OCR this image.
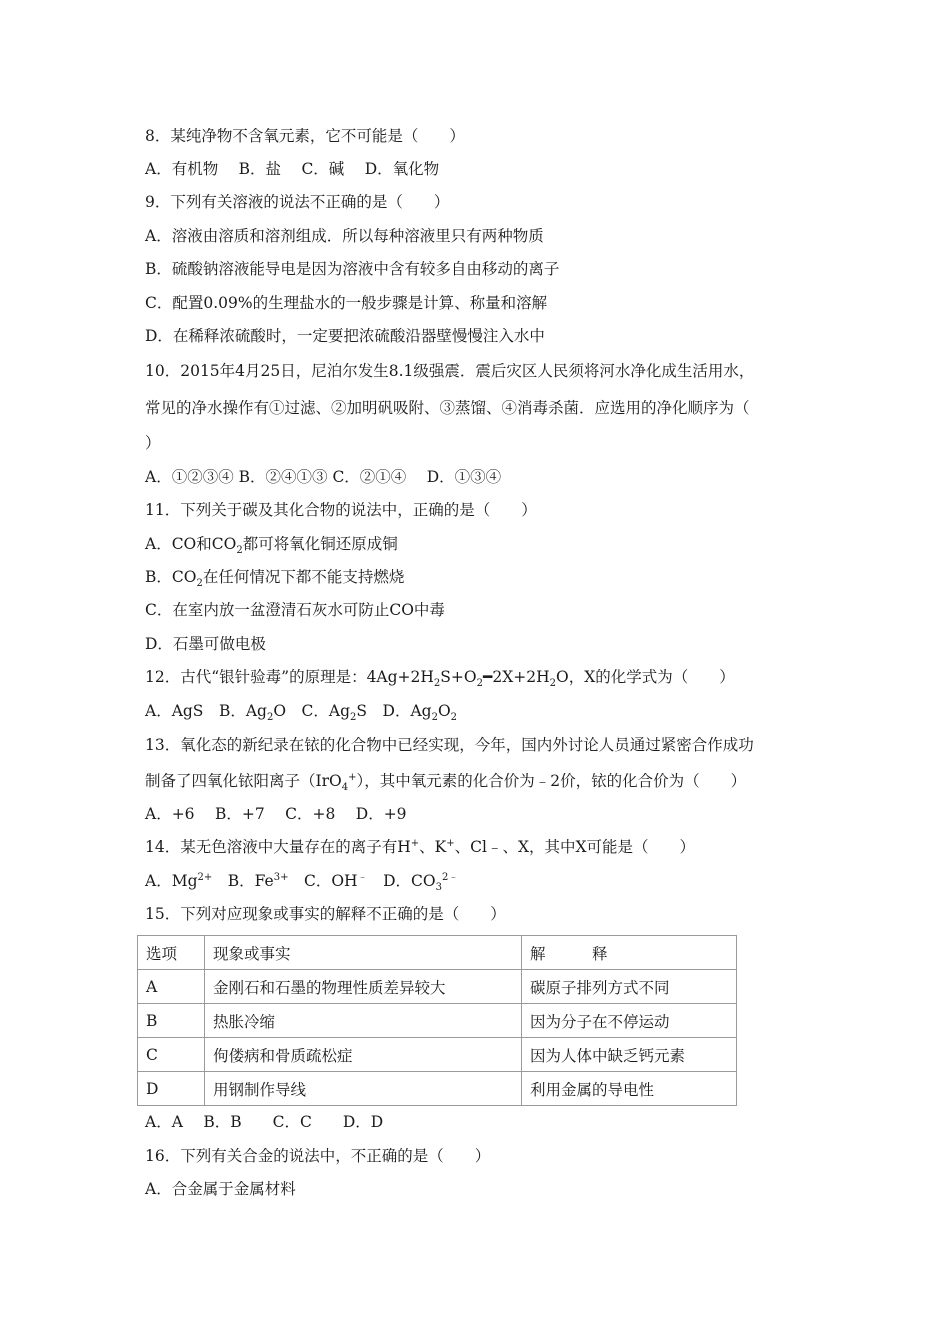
8．某纯净物不含氧元素，它不可能是（　　）
A．有机物　 B．盐　 C．碱　 D．氧化物
9．下列有关溶液的说法不正确的是（　　）
A．溶液由溶质和溶剂组成．所以每种溶液里只有两种物质
B．硫酸钠溶液能导电是因为溶液中含有较多自由移动的离子
C．配置0.09%的生理盐水的一般步骤是计算、称量和溶解
D．在稀释浓硫酸时，一定要把浓硫酸沿器壁慢慢注入水中
10．2015年4月25日，尼泊尔发生8.1级强震．震后灾区人民须将河水净化成生活用水，
常见的净水操作有①过滤、②加明矾吸附、③蒸馏、④消毒杀菌．应选用的净化顺序为（
）
A．①②③④ B．②④①③ C．②①④　 D．①③④
11．下列关于碳及其化合物的说法中，正确的是（　　）
A．CO和$CO_2$都可将氧化铜还原成铜
B．$CO_2$在任何情况下都不能支持燃烧
C．在室内放一盆澄清石灰水可防止CO中毒
D．石墨可做电极
12．古代“银针验毒”的原理是：$4Ag+2H_2S+O_2━2X+2H_2O$，X的化学式为（　　）
A．AgS　B．$Ag_2O$　C．$Ag_2S$　D．$Ag_2O_2$
13．氧化态的新纪录在铱的化合物中已经实现，今年，国内外讨论人员通过紧密合作成功
制备了四氧化铱阳离子（IrO$_4$+），其中氧元素的化合价为﹣2价，铱的化合价为（　　）
A．+6　 B．+7　 C．+8　 D．+9
14．某无色溶液中大量存在的离子有H+、K+、Cl﹣、X，其中X可能是（　　）
A．$Mg^{2+}$　B．$Fe^{3+}$　C．OH﹣　D．$CO_3^{2﹣}$
15．下列对应现象或事实的解释不正确的是（　　）
选项	现象或事实	解　　　释
A	金刚石和石墨的物理性质差异较大	碳原子排列方式不同
B	热胀冷缩	因为分子在不停运动
C	佝偻病和骨质疏松症	因为人体中缺乏钙元素
D	用钢制作导线	利用金属的导电性
A．A　 B．B　　C．C　　D．D
16．下列有关合金的说法中，不正确的是（　　）
A．合金属于金属材料
